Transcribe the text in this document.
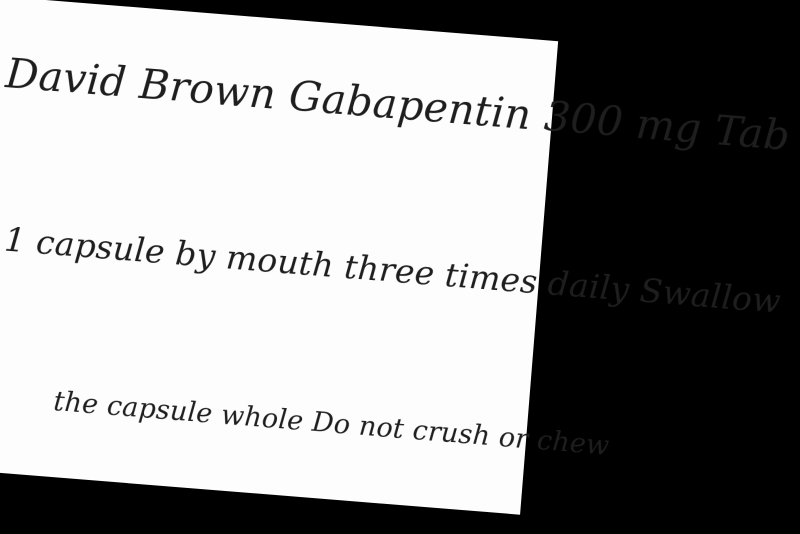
David Brown Gabapentin 300 mg Tab
1 capsule by mouth three times daily Swallow
the capsule whole Do not crush or chew
